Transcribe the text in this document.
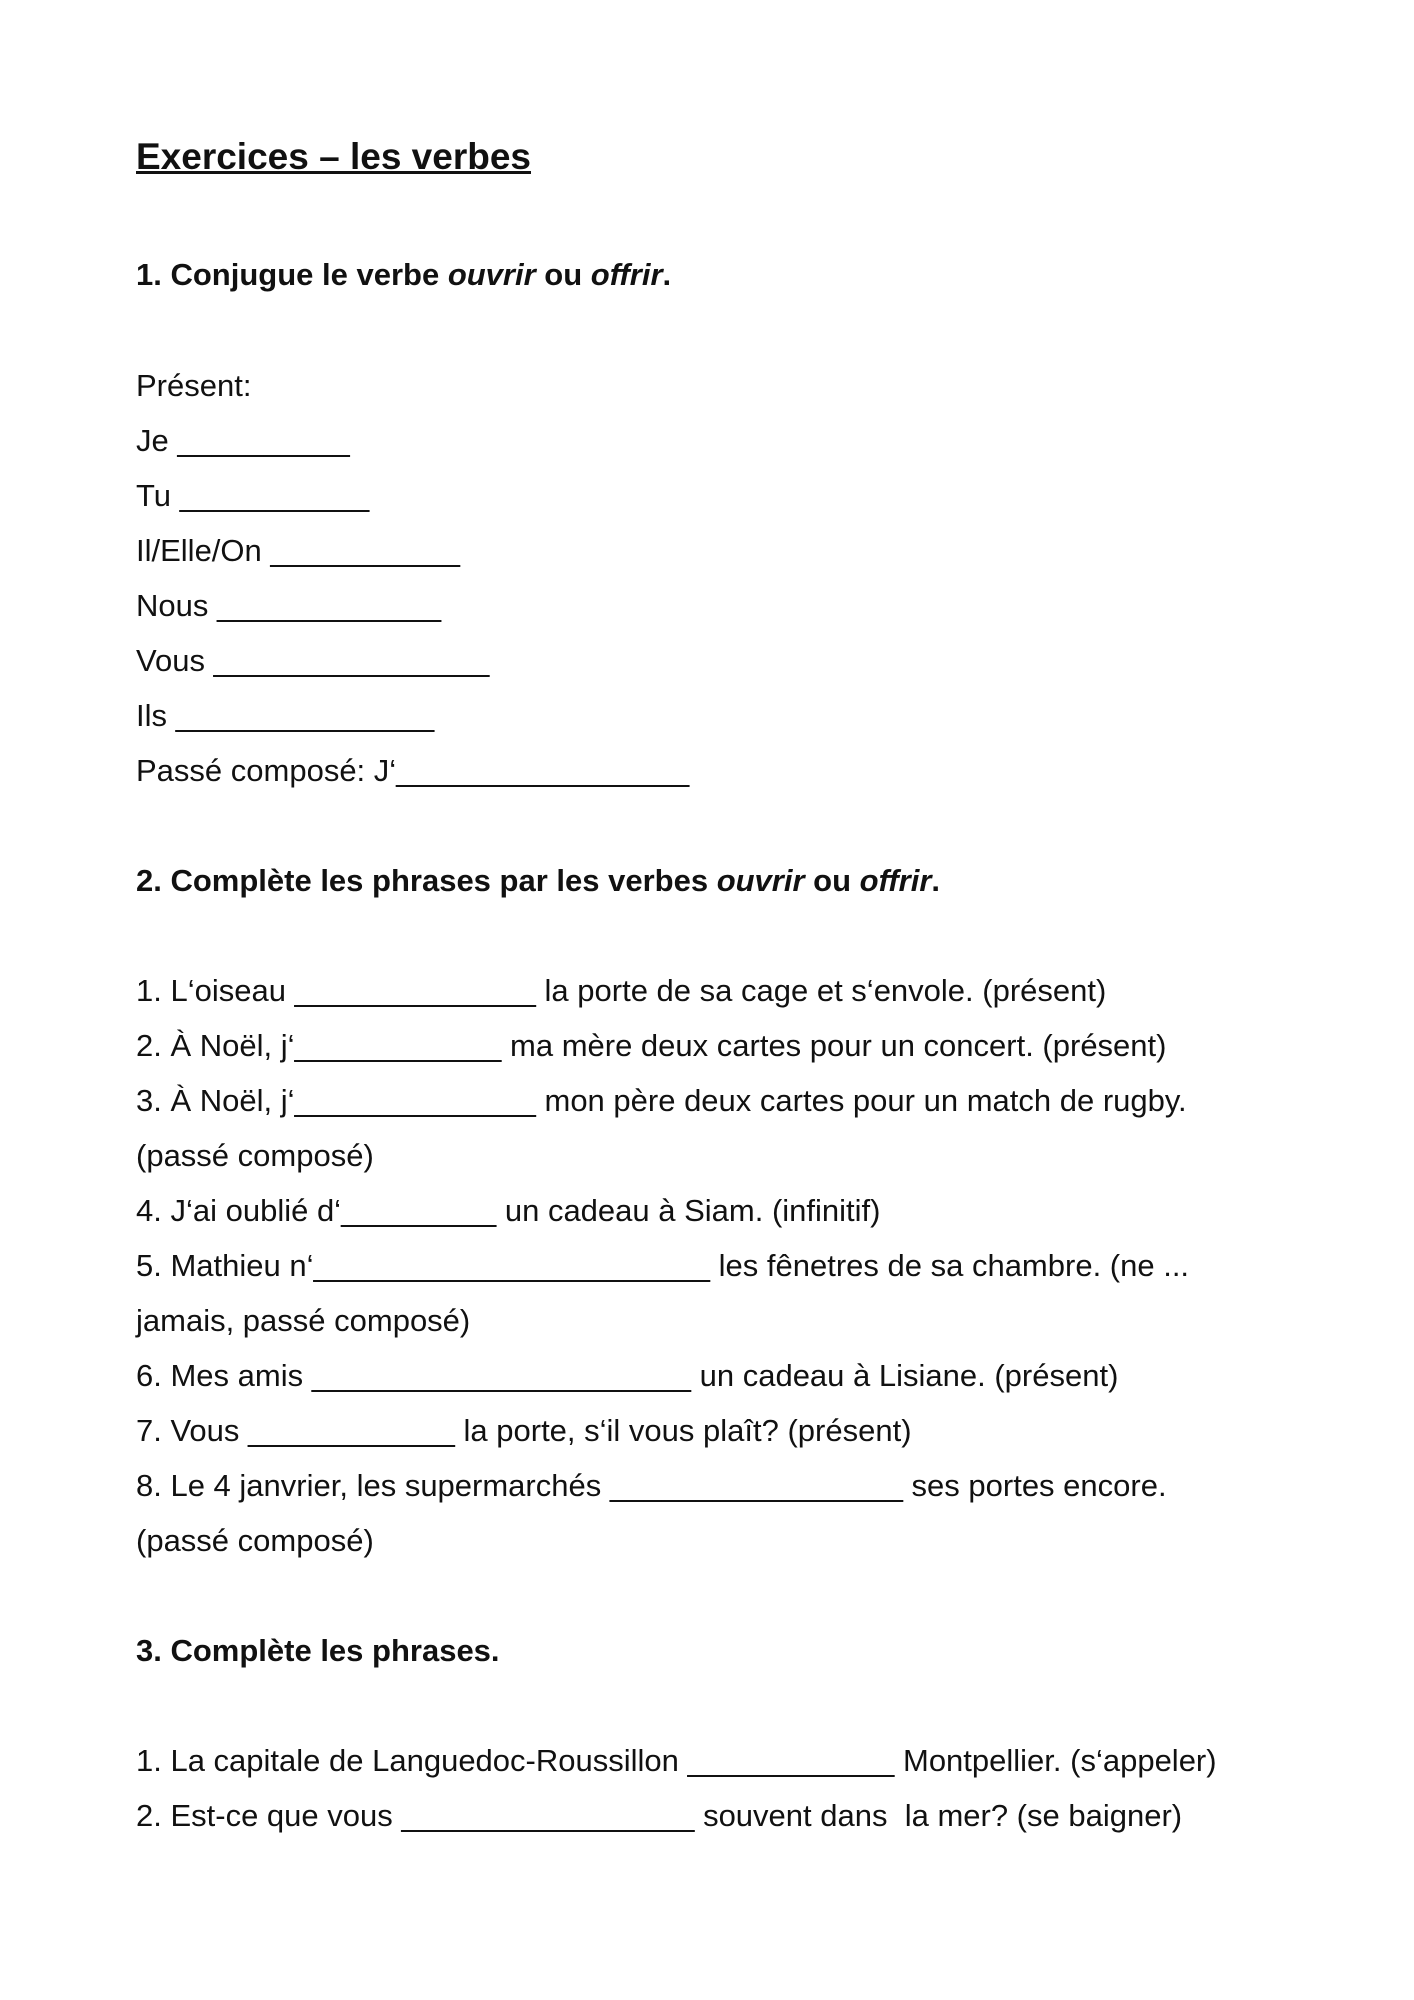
Exercices – les verbes
1. Conjugue le verbe ouvrir ou offrir.
Présent:
Je __________
Tu ___________
Il/Elle/On ___________
Nous _____________
Vous ________________
Ils _______________
Passé composé: J‘_________________
2. Complète les phrases par les verbes ouvrir ou offrir.
1. L‘oiseau ______________ la porte de sa cage et s‘envole. (présent)
2. À Noël, j‘____________ ma mère deux cartes pour un concert. (présent)
3. À Noël, j‘______________ mon père deux cartes pour un match de rugby.
(passé composé)
4. J‘ai oublié d‘_________ un cadeau à Siam. (infinitif)
5. Mathieu n‘_______________________ les fênetres de sa chambre. (ne ...
jamais, passé composé)
6. Mes amis ______________________ un cadeau à Lisiane. (présent)
7. Vous ____________ la porte, s‘il vous plaît? (présent)
8. Le 4 janvrier, les supermarchés _________________ ses portes encore.
(passé composé)
3. Complète les phrases.
1. La capitale de Languedoc-Roussillon ____________ Montpellier. (s‘appeler)
2. Est-ce que vous _________________ souvent dans  la mer? (se baigner)
